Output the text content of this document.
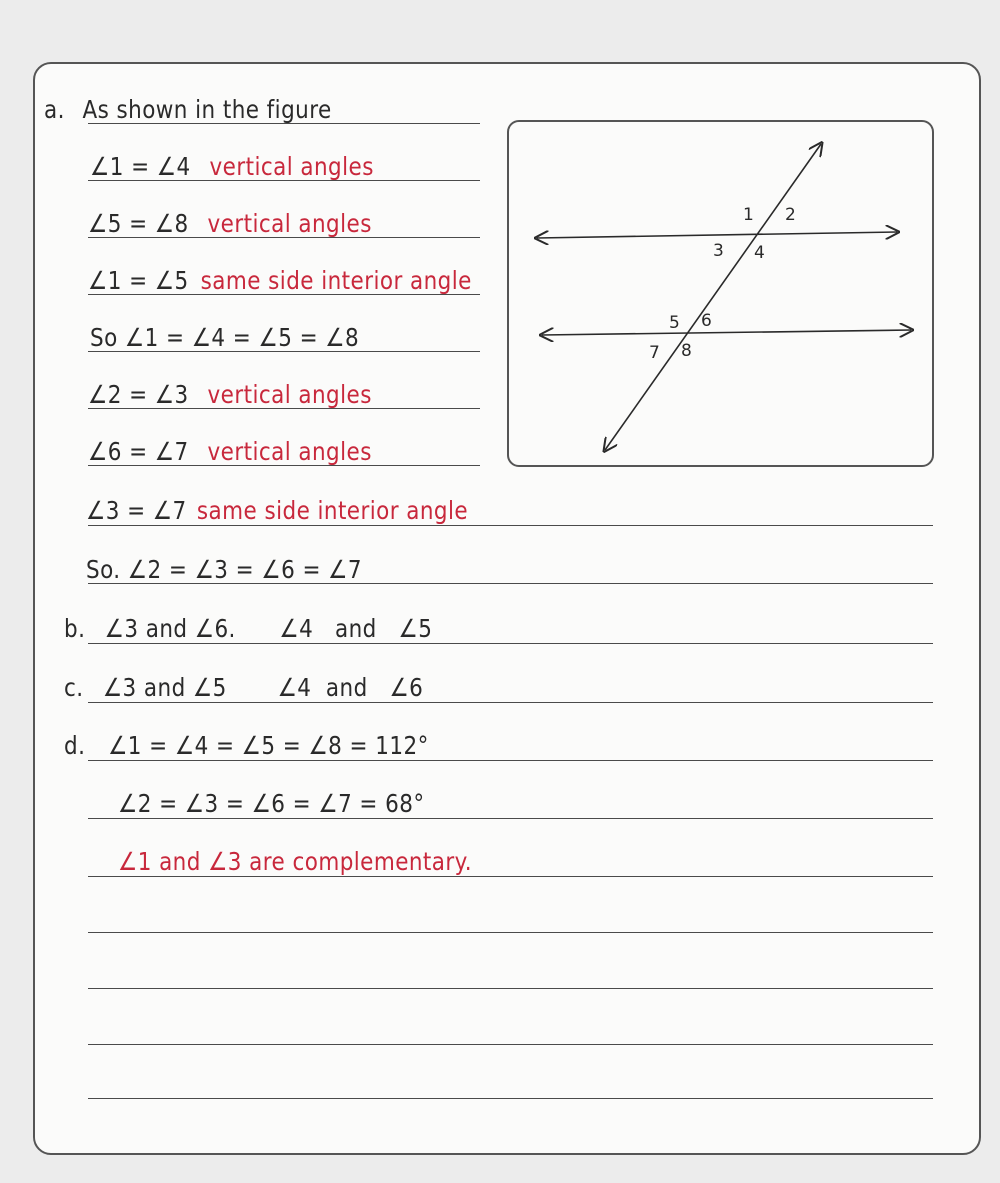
a. As shown in the figure
∠1 = ∠4 vertical angles
∠5 = ∠8 vertical angles
∠1 = ∠5 same side interior angle
So ∠1 = ∠4 = ∠5 = ∠8
∠2 = ∠3 vertical angles
∠6 = ∠7 vertical angles
∠3 = ∠7 same side interior angle
So. ∠2 = ∠3 = ∠6 = ∠7
b. ∠3 and ∠6.      ∠4   and   ∠5
c. ∠3 and ∠5       ∠4  and   ∠6
d. ∠1 = ∠4 = ∠5 = ∠8 = 112°
∠2 = ∠3 = ∠6 = ∠7 = 68°
∠1 and ∠3 are complementary.
1 2
3 4
5 6
7 8
